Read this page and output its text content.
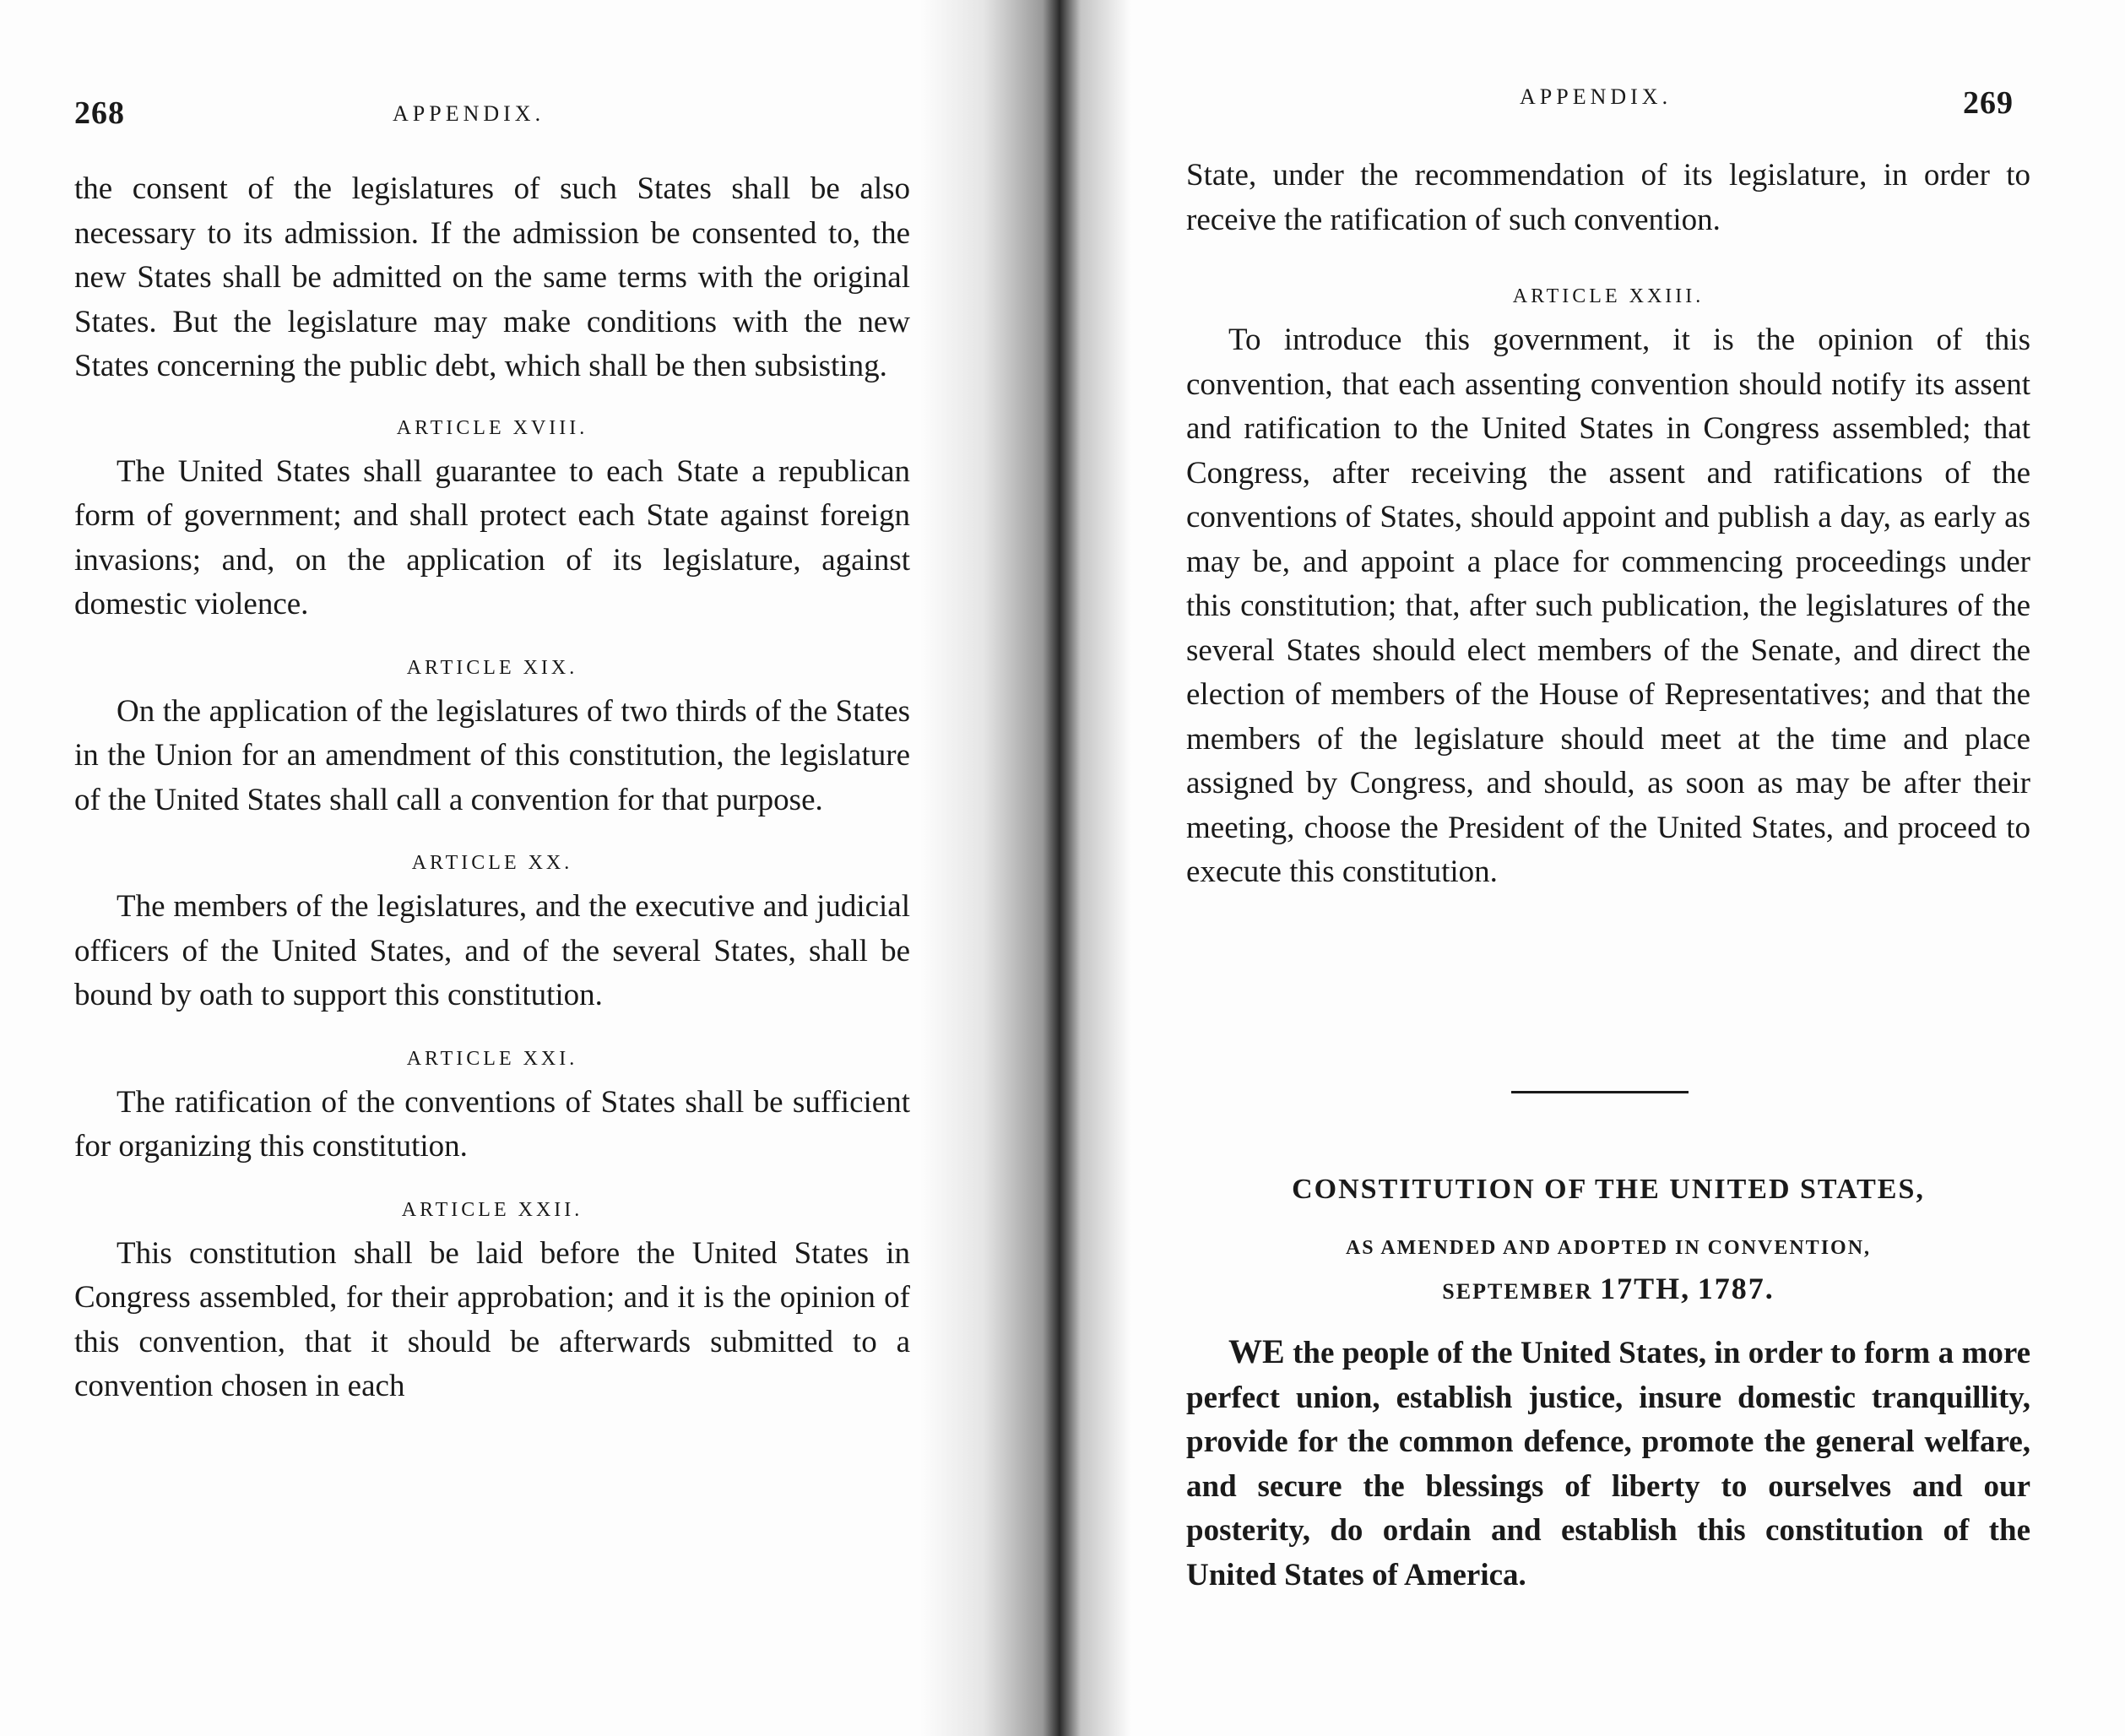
268	APPENDIX.

the consent of the legislatures of such States shall be also necessary to its admission. If the admission be consented to, the new States shall be admitted on the same terms with the original States. But the legislature may make conditions with the new States concerning the public debt, which shall be then subsisting.

ARTICLE XVIII.

The United States shall guarantee to each State a republican form of government; and shall protect each State against foreign invasions; and, on the application of its legislature, against domestic violence.

ARTICLE XIX.

On the application of the legislatures of two thirds of the States in the Union for an amendment of this constitution, the legislature of the United States shall call a convention for that purpose.

ARTICLE XX.

The members of the legislatures, and the executive and judicial officers of the United States, and of the several States, shall be bound by oath to support this constitution.

ARTICLE XXI.

The ratification of the conventions of States shall be sufficient for organizing this constitution.

ARTICLE XXII.

This constitution shall be laid before the United States in Congress assembled, for their approbation; and it is the opinion of this convention, that it should be afterwards submitted to a convention chosen in each

APPENDIX.	269

State, under the recommendation of its legislature, in order to receive the ratification of such convention.

ARTICLE XXIII.

To introduce this government, it is the opinion of this convention, that each assenting convention should notify its assent and ratification to the United States in Congress assembled; that Congress, after receiving the assent and ratifications of the conventions of States, should appoint and publish a day, as early as may be, and appoint a place for commencing proceedings under this constitution; that, after such publication, the legislatures of the several States should elect members of the Senate, and direct the election of members of the House of Representatives; and that the members of the legislature should meet at the time and place assigned by Congress, and should, as soon as may be after their meeting, choose the President of the United States, and proceed to execute this constitution.

CONSTITUTION OF THE UNITED STATES,
AS AMENDED AND ADOPTED IN CONVENTION,
SEPTEMBER 17TH, 1787.

WE the people of the United States, in order to form a more perfect union, establish justice, insure domestic tranquillity, provide for the common defence, promote the general welfare, and secure the blessings of liberty to ourselves and our posterity, do ordain and establish this constitution of the United States of America.
